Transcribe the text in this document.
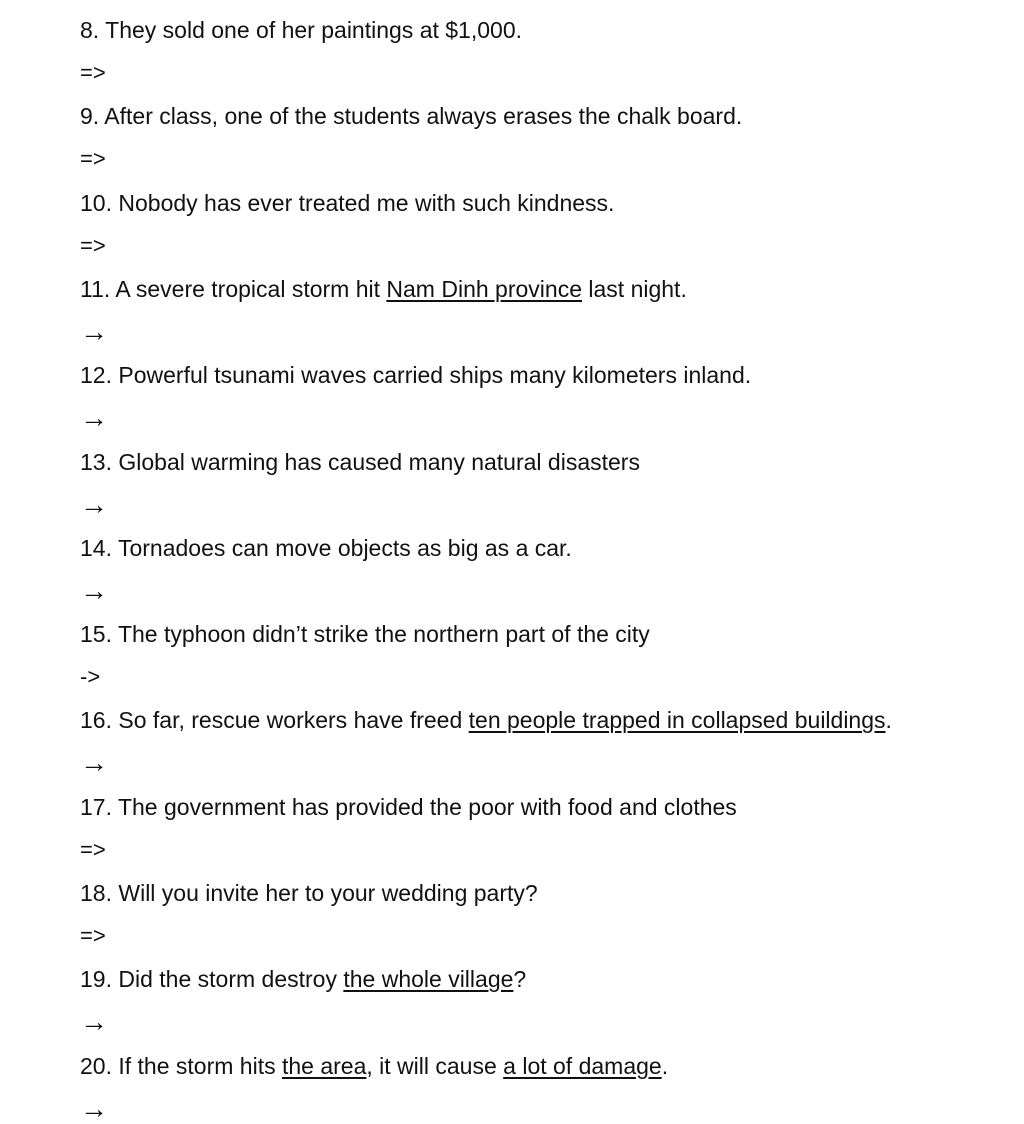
8. They sold one of her paintings at $1,000.
=>
9. After class, one of the students always erases the chalk board.
=>
10. Nobody has ever treated me with such kindness.
=>
11. A severe tropical storm hit Nam Dinh province last night.
→
12. Powerful tsunami waves carried ships many kilometers inland.
→
13. Global warming has caused many natural disasters
→
14. Tornadoes can move objects as big as a car.
→
15. The typhoon didn’t strike the northern part of the city
->
16. So far, rescue workers have freed ten people trapped in collapsed buildings.
→
17. The government has provided the poor with food and clothes
=>
18. Will you invite her to your wedding party?
=>
19. Did the storm destroy the whole village?
→
20. If the storm hits the area, it will cause a lot of damage.
→
